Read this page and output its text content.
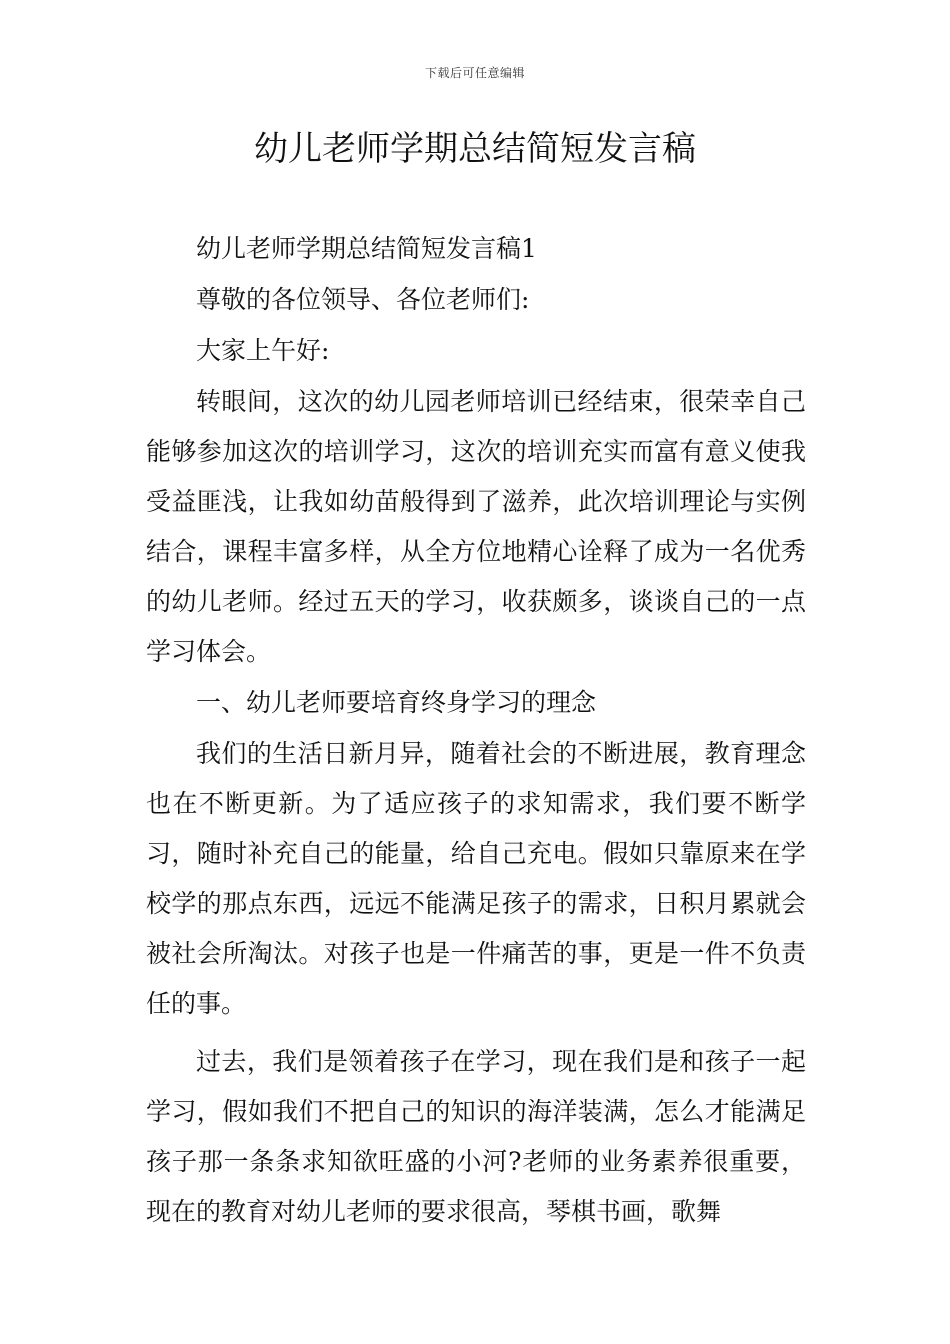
下载后可任意编辑
幼儿老师学期总结简短发言稿

幼儿老师学期总结简短发言稿1

尊敬的各位领导、各位老师们:

大家上午好:

转眼间，这次的幼儿园老师培训已经结束，很荣幸自己能够参加这次的培训学习，这次的培训充实而富有意义使我受益匪浅，让我如幼苗般得到了滋养，此次培训理论与实例结合，课程丰富多样，从全方位地精心诠释了成为一名优秀的幼儿老师。经过五天的学习，收获颇多，谈谈自己的一点学习体会。

一、幼儿老师要培育终身学习的理念

我们的生活日新月异，随着社会的不断进展，教育理念也在不断更新。为了适应孩子的求知需求，我们要不断学习，随时补充自己的能量，给自己充电。假如只靠原来在学校学的那点东西，远远不能满足孩子的需求，日积月累就会被社会所淘汰。对孩子也是一件痛苦的事，更是一件不负责任的事。

过去，我们是领着孩子在学习，现在我们是和孩子一起学习，假如我们不把自己的知识的海洋装满，怎么才能满足孩子那一条条求知欲旺盛的小河?老师的业务素养很重要，现在的教育对幼儿老师的要求很高，琴棋书画，歌舞
